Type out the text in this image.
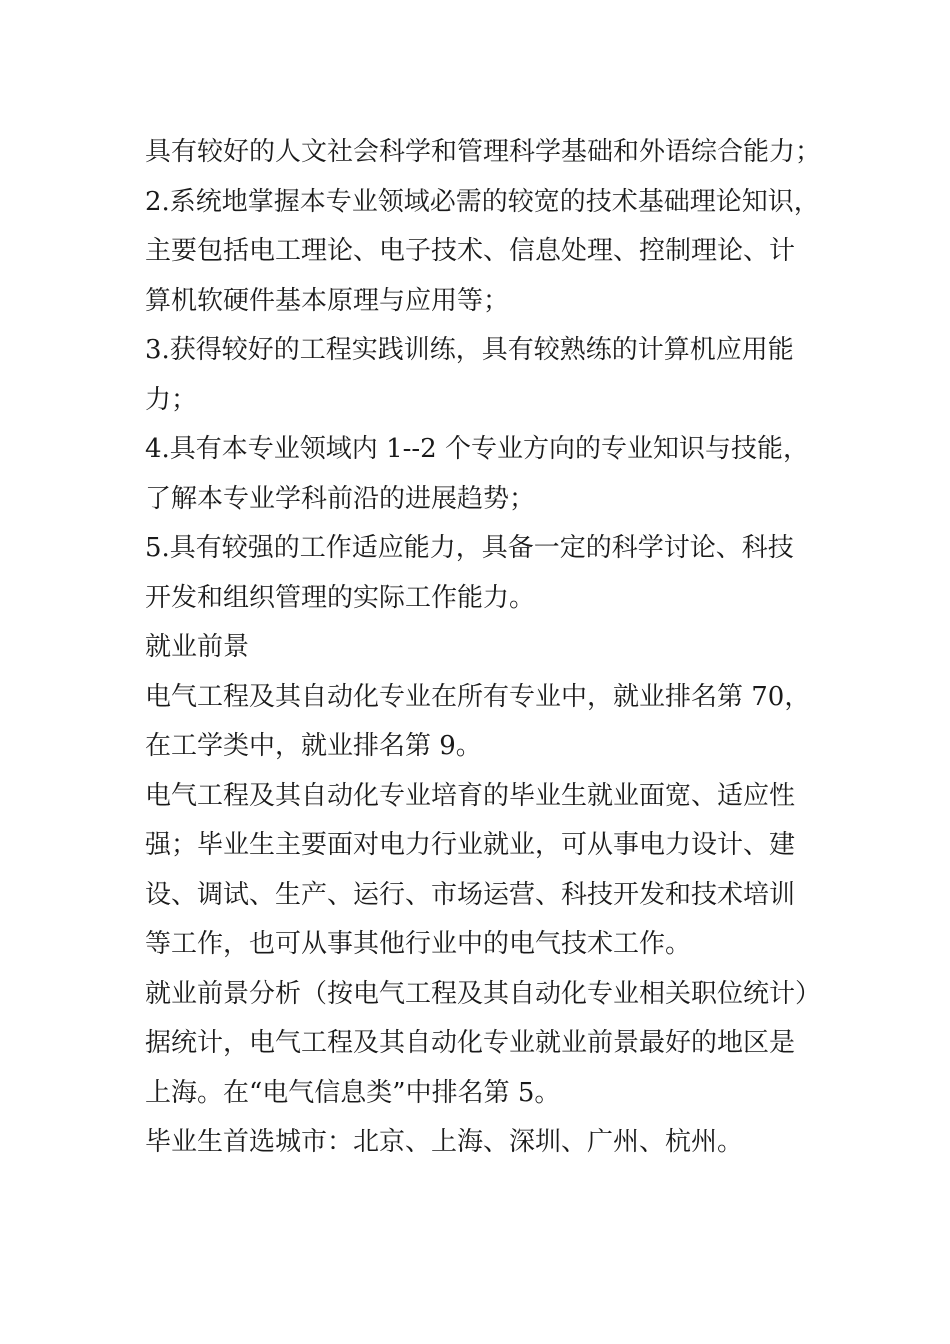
具有较好的人文社会科学和管理科学基础和外语综合能力；
2.系统地掌握本专业领域必需的较宽的技术基础理论知识，
主要包括电工理论、电子技术、信息处理、控制理论、计
算机软硬件基本原理与应用等；
3.获得较好的工程实践训练，具有较熟练的计算机应用能
力；
4.具有本专业领域内 1--2 个专业方向的专业知识与技能，
了解本专业学科前沿的进展趋势；
5.具有较强的工作适应能力，具备一定的科学讨论、科技
开发和组织管理的实际工作能力。
就业前景
电气工程及其自动化专业在所有专业中，就业排名第 70，
在工学类中，就业排名第 9。
电气工程及其自动化专业培育的毕业生就业面宽、适应性
强；毕业生主要面对电力行业就业，可从事电力设计、建
设、调试、生产、运行、市场运营、科技开发和技术培训
等工作，也可从事其他行业中的电气技术工作。
就业前景分析（按电气工程及其自动化专业相关职位统计）
据统计，电气工程及其自动化专业就业前景最好的地区是
上海。在“电气信息类”中排名第 5。
毕业生首选城市：北京、上海、深圳、广州、杭州。
